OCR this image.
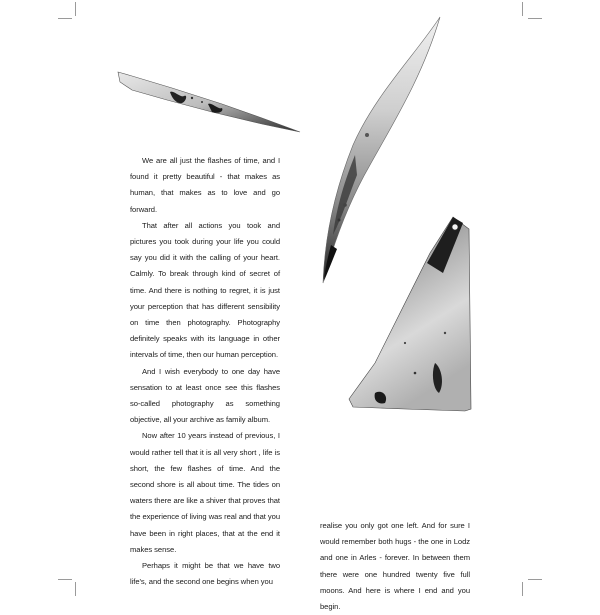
We are all just the flashes of time, and I found it pretty beautiful - that makes as human, that makes as to love and go forward.

That after all actions you took and pictures you took during your life you could say you did it with the calling of your heart. Calmly. To break through kind of secret of time. And there is nothing to regret, it is just your perception that has different sensibility on time then photography. Photography definitely speaks with its language in other intervals of time, then our human perception.

And I wish everybody to one day have sensation to at least once see this flashes so-called photography as something objective, all your archive as family album.

Now after 10 years instead of previous, I would rather tell that it is all very short , life is short, the few flashes of time. And the second shore is all about time. The tides on waters there are like a shiver that proves that the experience of living was real and that you have been in right places, that at the end it makes sense.

Perhaps it might be that we have two life's, and the second one begins when you

realise you only got one left. And for sure I would remember both hugs - the one in Lodz and one in Arles - forever. In between them there were one hundred twenty five full moons. And here is where I end and you begin.
